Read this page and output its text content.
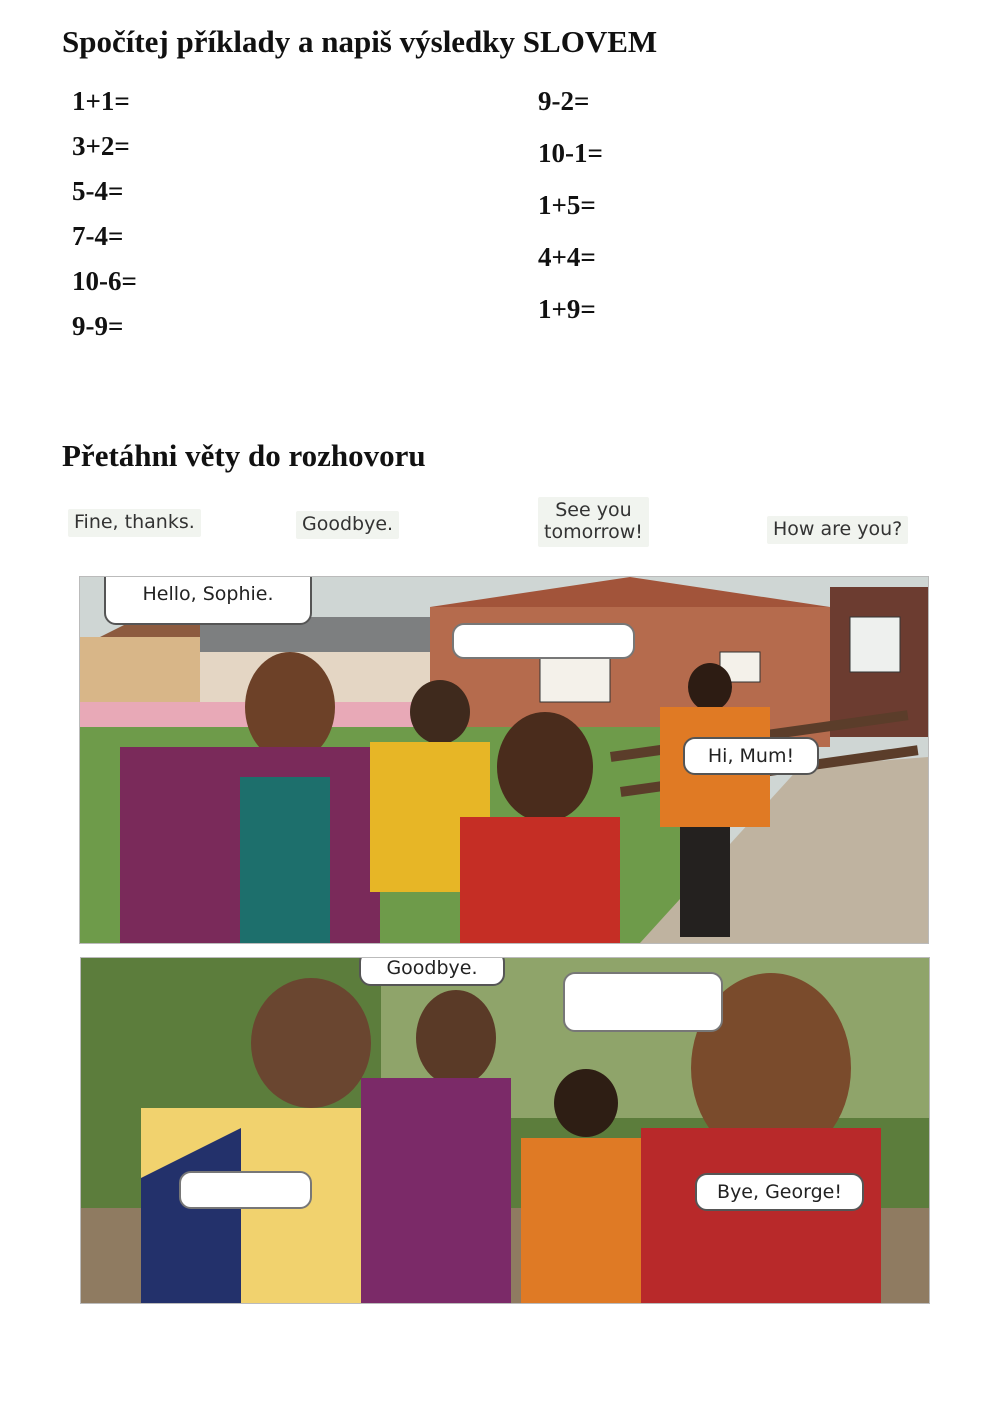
Spočítej příklady a napiš výsledky SLOVEM
1+1=
3+2=
5-4=
7-4=
10-6=
9-9=
9-2=
10-1=
1+5=
4+4=
1+9=
Přetáhni věty do rozhovoru
Fine, thanks.	Goodbye.
See you
tomorrow!	How are you?
Hello, Sophie.
Hi, Mum!
Goodbye.
Bye, George!
